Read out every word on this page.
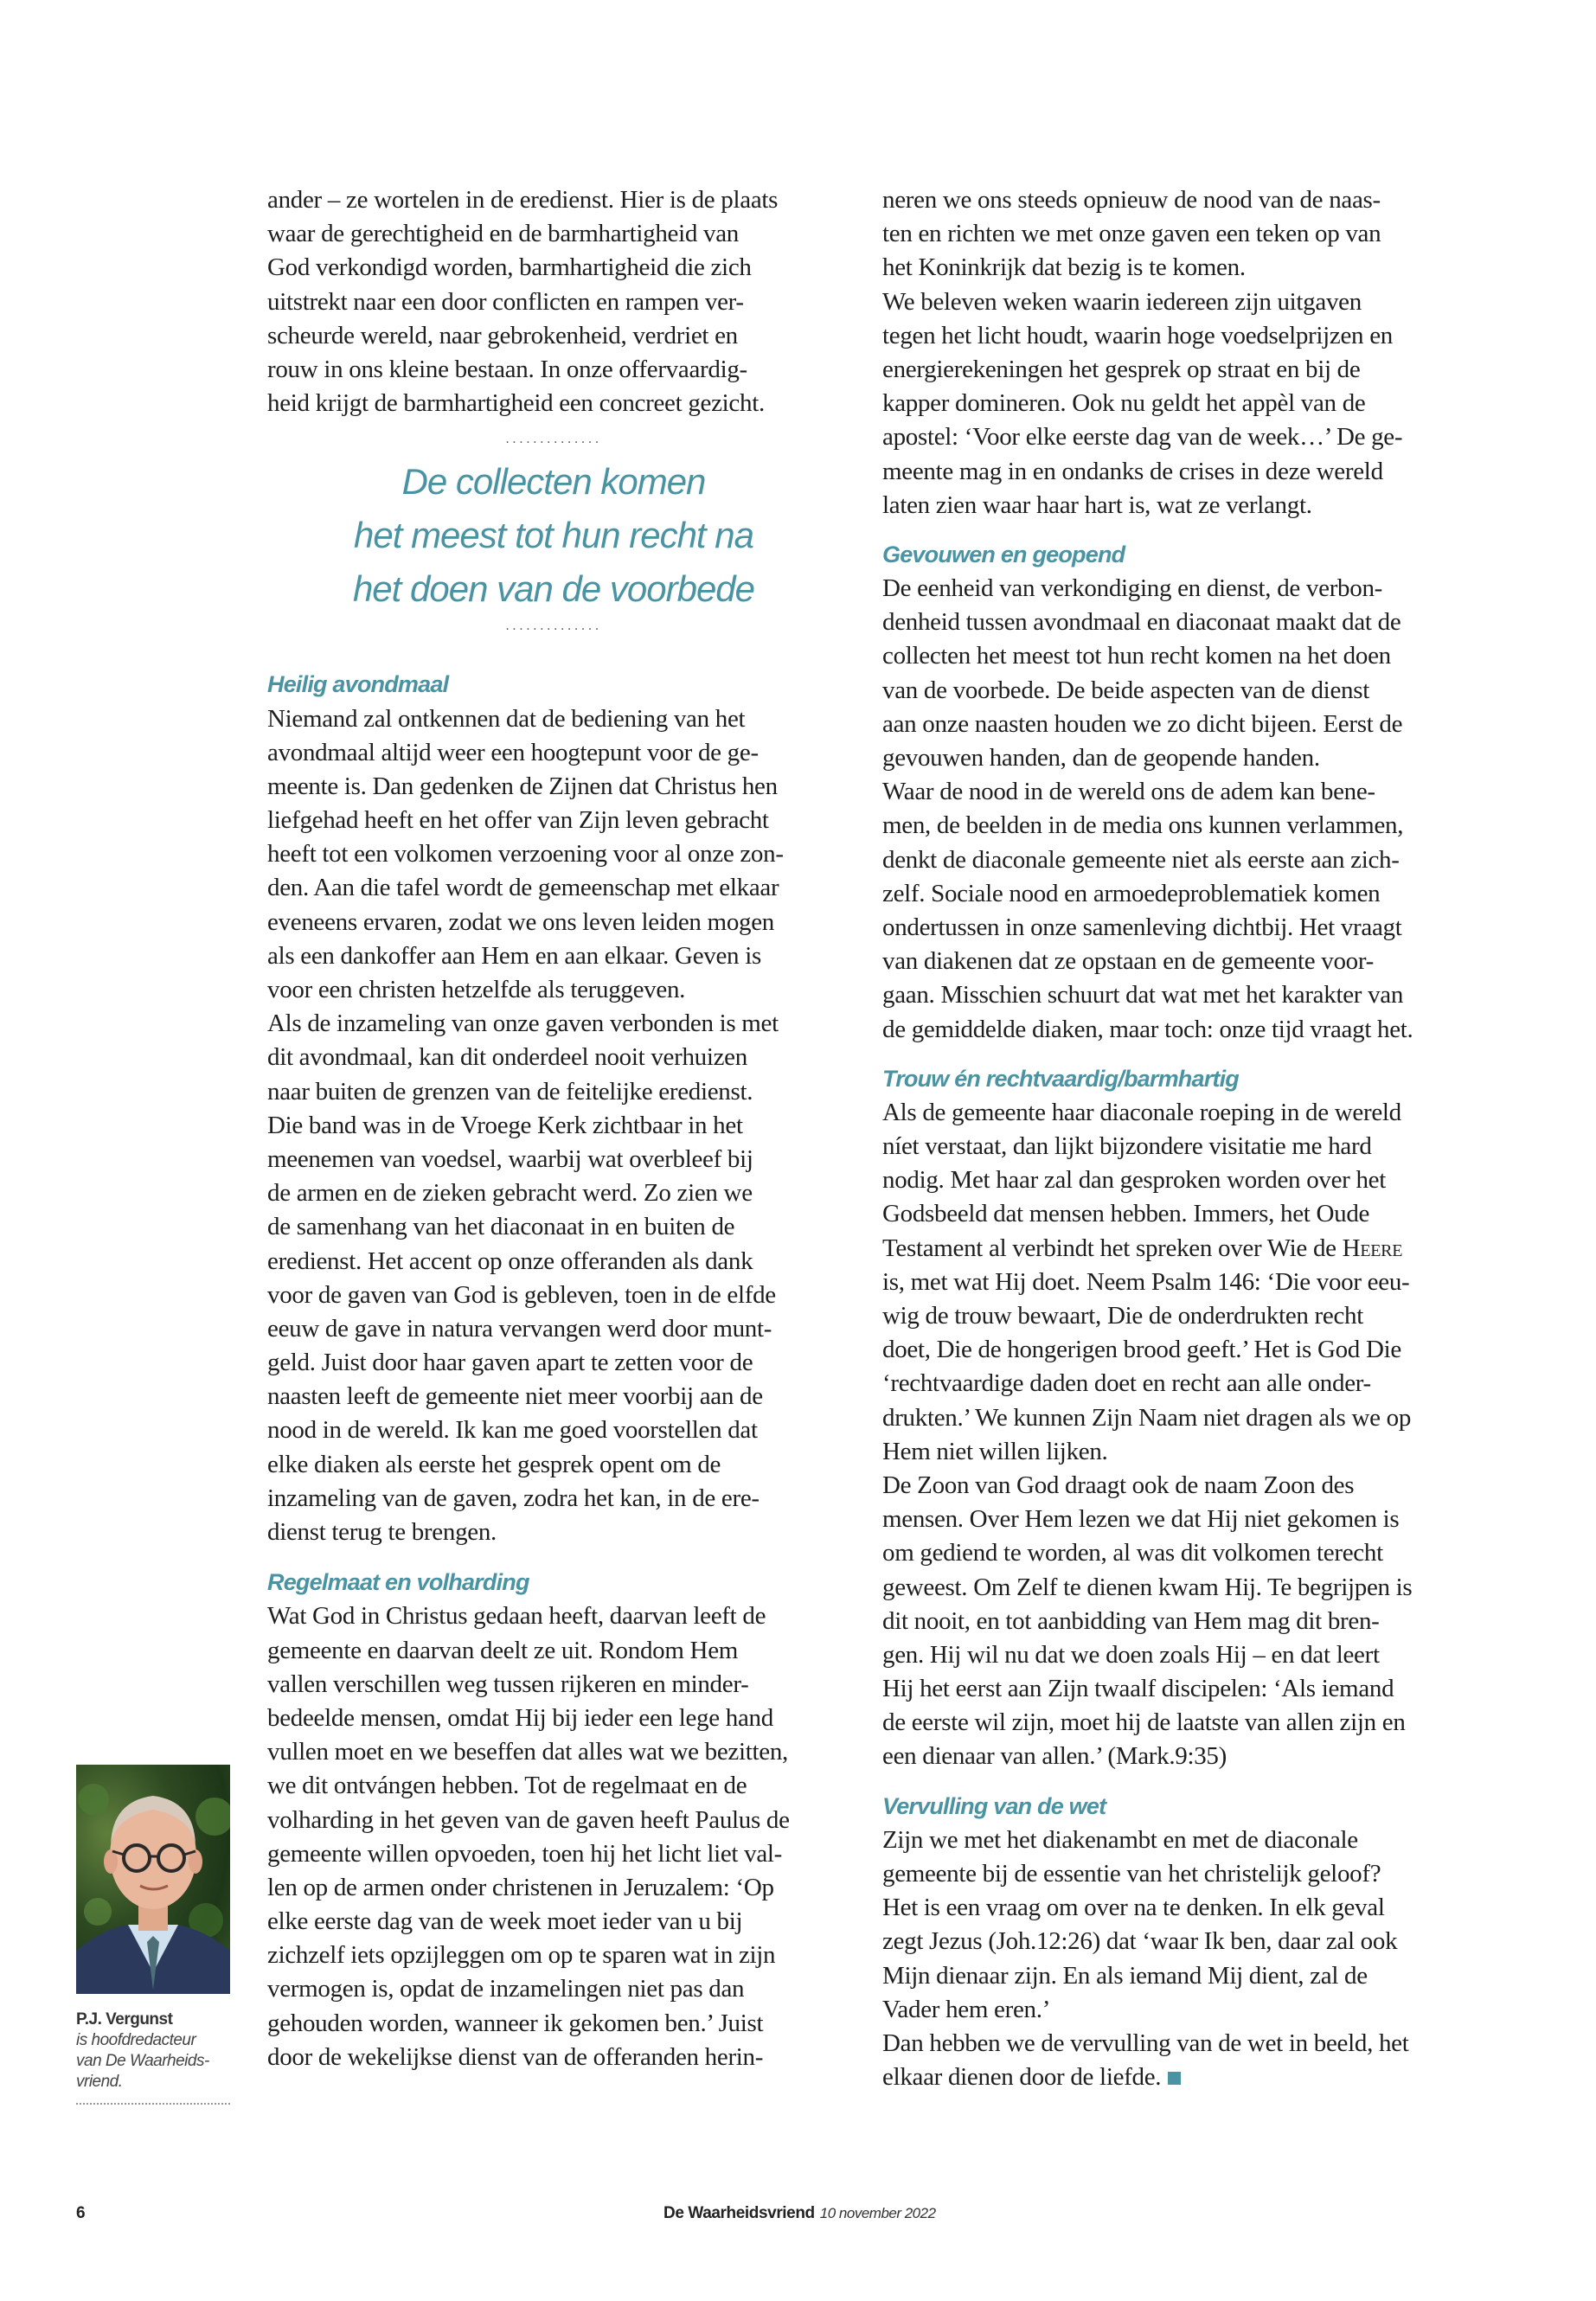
ander – ze wortelen in de eredienst. Hier is de plaats
waar de gerechtigheid en de barmhartigheid van
God verkondigd worden, barmhartigheid die zich
uitstrekt naar een door conflicten en rampen ver-
scheurde wereld, naar gebrokenheid, verdriet en
rouw in ons kleine bestaan. In onze offervaardig-
heid krijgt de barmhartigheid een concreet gezicht.
..............
De collecten komen
het meest tot hun recht na
het doen van de voorbede
..............
Heilig avondmaal
Niemand zal ontkennen dat de bediening van het
avondmaal altijd weer een hoogtepunt voor de ge-
meente is. Dan gedenken de Zijnen dat Christus hen
liefgehad heeft en het offer van Zijn leven gebracht
heeft tot een volkomen verzoening voor al onze zon-
den. Aan die tafel wordt de gemeenschap met elkaar
eveneens ervaren, zodat we ons leven leiden mogen
als een dankoffer aan Hem en aan elkaar. Geven is
voor een christen hetzelfde als teruggeven.
Als de inzameling van onze gaven verbonden is met
dit avondmaal, kan dit onderdeel nooit verhuizen
naar buiten de grenzen van de feitelijke eredienst.
Die band was in de Vroege Kerk zichtbaar in het
meenemen van voedsel, waarbij wat overbleef bij
de armen en de zieken gebracht werd. Zo zien we
de samenhang van het diaconaat in en buiten de
eredienst. Het accent op onze offeranden als dank
voor de gaven van God is gebleven, toen in de elfde
eeuw de gave in natura vervangen werd door munt-
geld. Juist door haar gaven apart te zetten voor de
naasten leeft de gemeente niet meer voorbij aan de
nood in de wereld. Ik kan me goed voorstellen dat
elke diaken als eerste het gesprek opent om de
inzameling van de gaven, zodra het kan, in de ere-
dienst terug te brengen.
Regelmaat en volharding
Wat God in Christus gedaan heeft, daarvan leeft de
gemeente en daarvan deelt ze uit. Rondom Hem
vallen verschillen weg tussen rijkeren en minder-
bedeelde mensen, omdat Hij bij ieder een lege hand
vullen moet en we beseffen dat alles wat we bezitten,
we dit ontvángen hebben. Tot de regelmaat en de
volharding in het geven van de gaven heeft Paulus de
gemeente willen opvoeden, toen hij het licht liet val-
len op de armen onder christenen in Jeruzalem: ‘Op
elke eerste dag van de week moet ieder van u bij
zichzelf iets opzijleggen om op te sparen wat in zijn
vermogen is, opdat de inzamelingen niet pas dan
gehouden worden, wanneer ik gekomen ben.’ Juist
door de wekelijkse dienst van de offeranden herin-
neren we ons steeds opnieuw de nood van de naas-
ten en richten we met onze gaven een teken op van
het Koninkrijk dat bezig is te komen.
We beleven weken waarin iedereen zijn uitgaven
tegen het licht houdt, waarin hoge voedselprijzen en
energierekeningen het gesprek op straat en bij de
kapper domineren. Ook nu geldt het appèl van de
apostel: ‘Voor elke eerste dag van de week…’ De ge-
meente mag in en ondanks de crises in deze wereld
laten zien waar haar hart is, wat ze verlangt.
Gevouwen en geopend
De eenheid van verkondiging en dienst, de verbon-
denheid tussen avondmaal en diaconaat maakt dat de
collecten het meest tot hun recht komen na het doen
van de voorbede. De beide aspecten van de dienst
aan onze naasten houden we zo dicht bijeen. Eerst de
gevouwen handen, dan de geopende handen.
Waar de nood in de wereld ons de adem kan bene-
men, de beelden in de media ons kunnen verlammen,
denkt de diaconale gemeente niet als eerste aan zich-
zelf. Sociale nood en armoedeproblematiek komen
ondertussen in onze samenleving dichtbij. Het vraagt
van diakenen dat ze opstaan en de gemeente voor-
gaan. Misschien schuurt dat wat met het karakter van
de gemiddelde diaken, maar toch: onze tijd vraagt het.
Trouw én rechtvaardig/barmhartig
Als de gemeente haar diaconale roeping in de wereld
níet verstaat, dan lijkt bijzondere visitatie me hard
nodig. Met haar zal dan gesproken worden over het
Godsbeeld dat mensen hebben. Immers, het Oude
Testament al verbindt het spreken over Wie de Heere
is, met wat Hij doet. Neem Psalm 146: ‘Die voor eeu-
wig de trouw bewaart, Die de onderdrukten recht
doet, Die de hongerigen brood geeft.’ Het is God Die
‘rechtvaardige daden doet en recht aan alle onder-
drukten.’ We kunnen Zijn Naam niet dragen als we op
Hem niet willen lijken.
De Zoon van God draagt ook de naam Zoon des
mensen. Over Hem lezen we dat Hij niet gekomen is
om gediend te worden, al was dit volkomen terecht
geweest. Om Zelf te dienen kwam Hij. Te begrijpen is
dit nooit, en tot aanbidding van Hem mag dit bren-
gen. Hij wil nu dat we doen zoals Hij – en dat leert
Hij het eerst aan Zijn twaalf discipelen: ‘Als iemand
de eerste wil zijn, moet hij de laatste van allen zijn en
een dienaar van allen.’ (Mark.9:35)
Vervulling van de wet
Zijn we met het diakenambt en met de diaconale
gemeente bij de essentie van het christelijk geloof?
Het is een vraag om over na te denken. In elk geval
zegt Jezus (Joh.12:26) dat ‘waar Ik ben, daar zal ook
Mijn dienaar zijn. En als iemand Mij dient, zal de
Vader hem eren.’
Dan hebben we de vervulling van de wet in beeld, het
elkaar dienen door de liefde.
P.J. Vergunst
is hoofdredacteur
van De Waarheids-
vriend.
6	De Waarheidsvriend 10 november 2022
